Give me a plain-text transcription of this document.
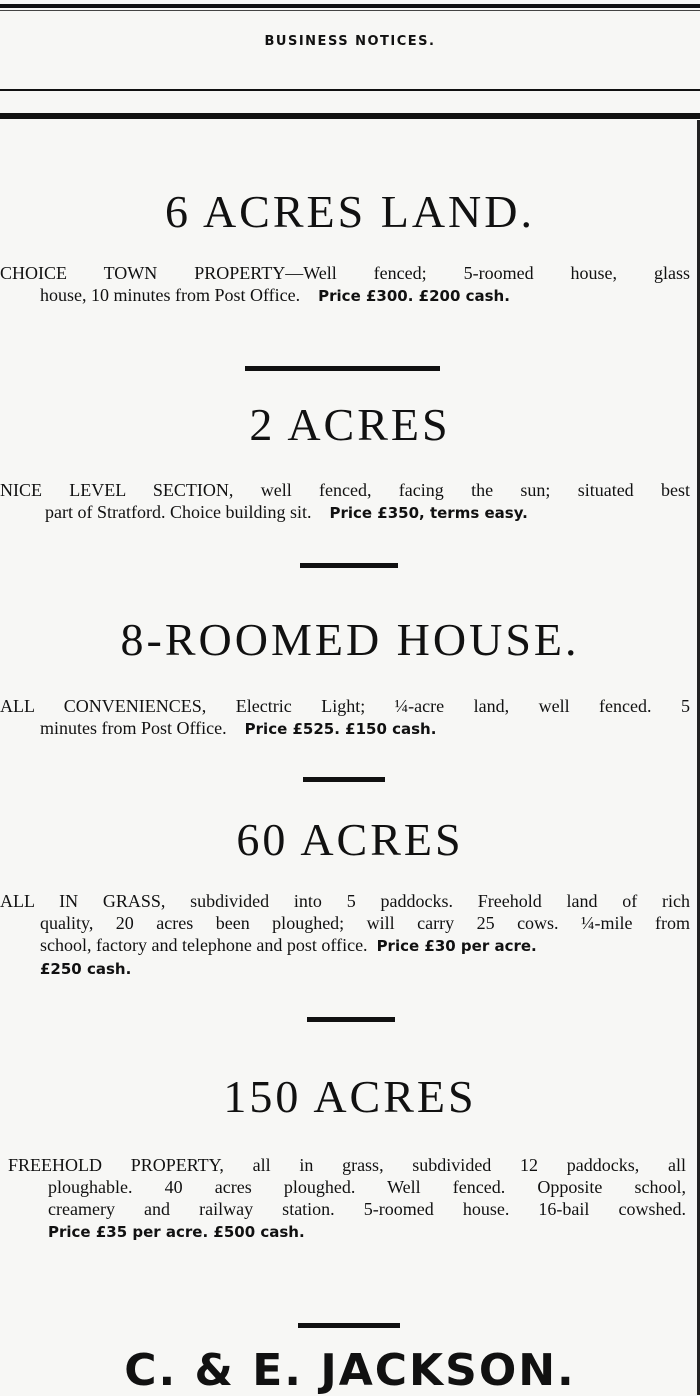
BUSINESS NOTICES.
6 ACRES LAND.
CHOICE TOWN PROPERTY—Well fenced; 5-roomed house, glass
house, 10 minutes from Post Office. Price £300. £200 cash.
2 ACRES
NICE LEVEL SECTION, well fenced, facing the sun; situated best
part of Stratford. Choice building sit. Price £350, terms easy.
8-ROOMED HOUSE.
ALL CONVENIENCES, Electric Light; ¼-acre land, well fenced. 5
minutes from Post Office. Price £525. £150 cash.
60 ACRES
ALL IN GRASS, subdivided into 5 paddocks. Freehold land of rich
quality, 20 acres been ploughed; will carry 25 cows. ¼-mile from
school, factory and telephone and post office. Price £30 per acre.
£250 cash.
150 ACRES
FREEHOLD PROPERTY, all in grass, subdivided 12 paddocks, all
ploughable. 40 acres ploughed. Well fenced. Opposite school,
creamery and railway station. 5-roomed house. 16-bail cowshed.
Price £35 per acre. £500 cash.
C. & E. JACKSON.
